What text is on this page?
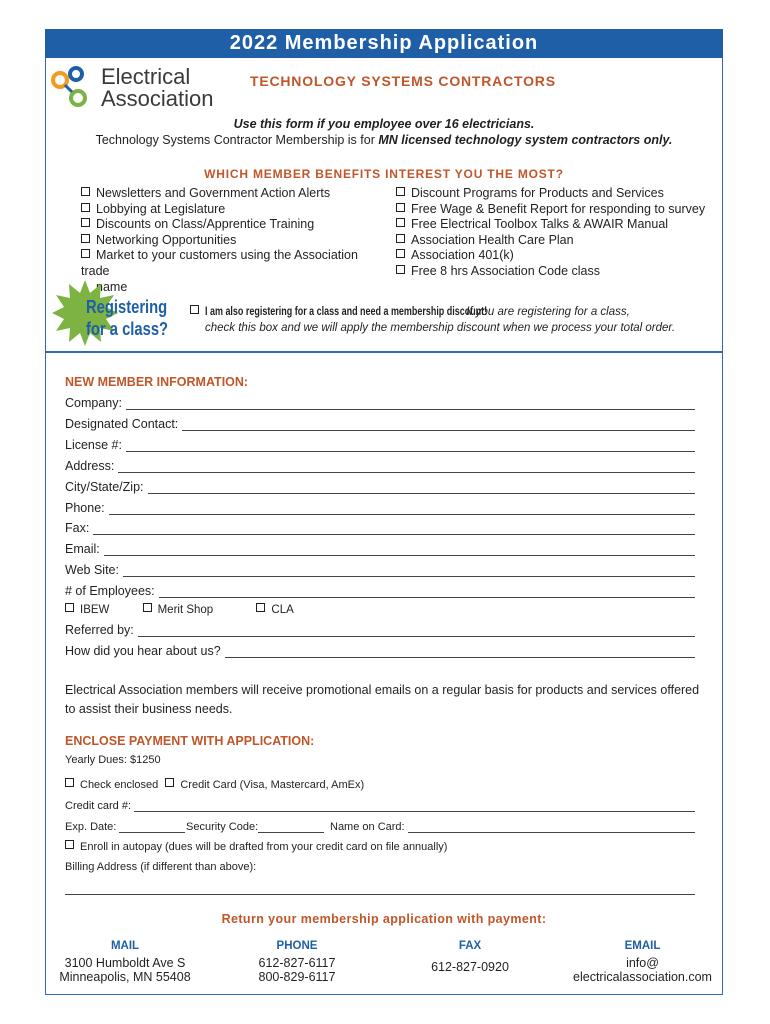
2022 Membership Application
Electrical
Association
TECHNOLOGY SYSTEMS CONTRACTORS
Use this form if you employee over 16 electricians.
Technology Systems Contractor Membership is for MN licensed technology system contractors only.
WHICH MEMBER BENEFITS INTEREST YOU THE MOST?
Newsletters and Government Action Alerts
Lobbying at Legislature
Discounts on Class/Apprentice Training
Networking Opportunities
Market to your customers using the Association trade
name
Discount Programs for Products and Services
Free Wage & Benefit Report for responding to survey
Free Electrical Toolbox Talks & AWAIR Manual
Association Health Care Plan
Association 401(k)
Free 8 hrs Association Code class
Registering
for a class?
I am also registering for a class and need a membership discount! If you are registering for a class,
check this box and we will apply the membership discount when we process your total order.
NEW MEMBER INFORMATION:
Company:
Designated Contact:
License #:
Address:
City/State/Zip:
Phone:
Fax:
Email:
Web Site:
# of Employees:
IBEW	Merit Shop	CLA
Referred by:
How did you hear about us?
Electrical Association members will receive promotional emails on a regular basis for products and services offered
to assist their business needs.
ENCLOSE PAYMENT WITH APPLICATION:
Yearly Dues: $1250
Check enclosed Credit Card (Visa, Mastercard, AmEx)
Credit card #:
Exp. Date:	Security Code:	Name on Card:
Enroll in autopay (dues will be drafted from your credit card on file annually)
Billing Address (if different than above):
Return your membership application with payment:
MAIL
3100 Humboldt Ave S
Minneapolis, MN 55408
PHONE
612-827-6117
800-829-6117
FAX
612-827-0920
EMAIL
info@
electricalassociation.com
